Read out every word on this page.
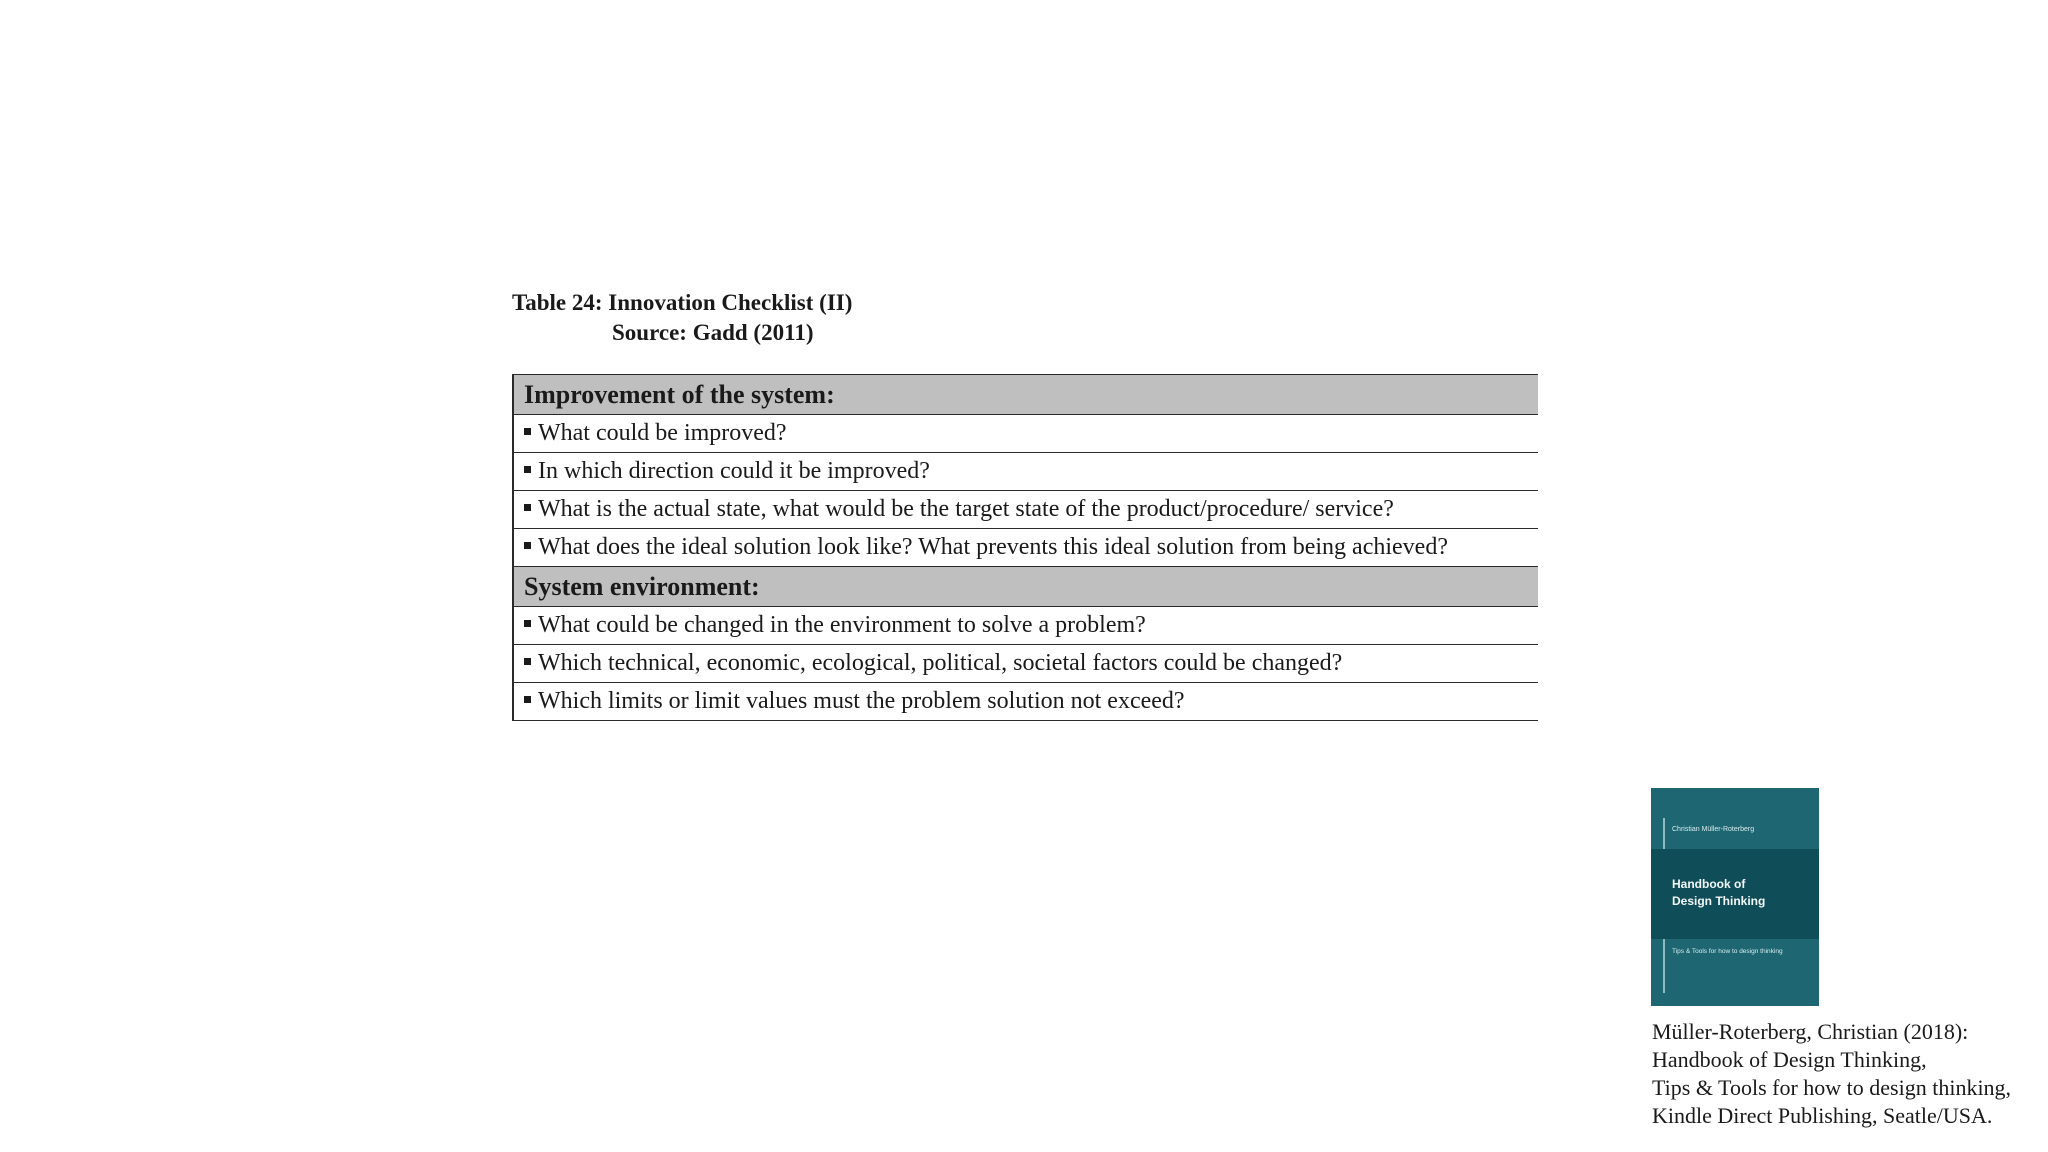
Table 24: Innovation Checklist (II)
Source: Gadd (2011)
Improvement of the system:
What could be improved?
In which direction could it be improved?
What is the actual state, what would be the target state of the product/procedure/ service?
What does the ideal solution look like? What prevents this ideal solution from being achieved?
System environment:
What could be changed in the environment to solve a problem?
Which technical, economic, ecological, political, societal factors could be changed?
Which limits or limit values must the problem solution not exceed?
Christian Müller-Roterberg
Handbook of
Design Thinking
Tips & Tools for how to design thinking
Müller-Roterberg, Christian (2018):
Handbook of Design Thinking,
Tips & Tools for how to design thinking,
Kindle Direct Publishing, Seatle/USA.
